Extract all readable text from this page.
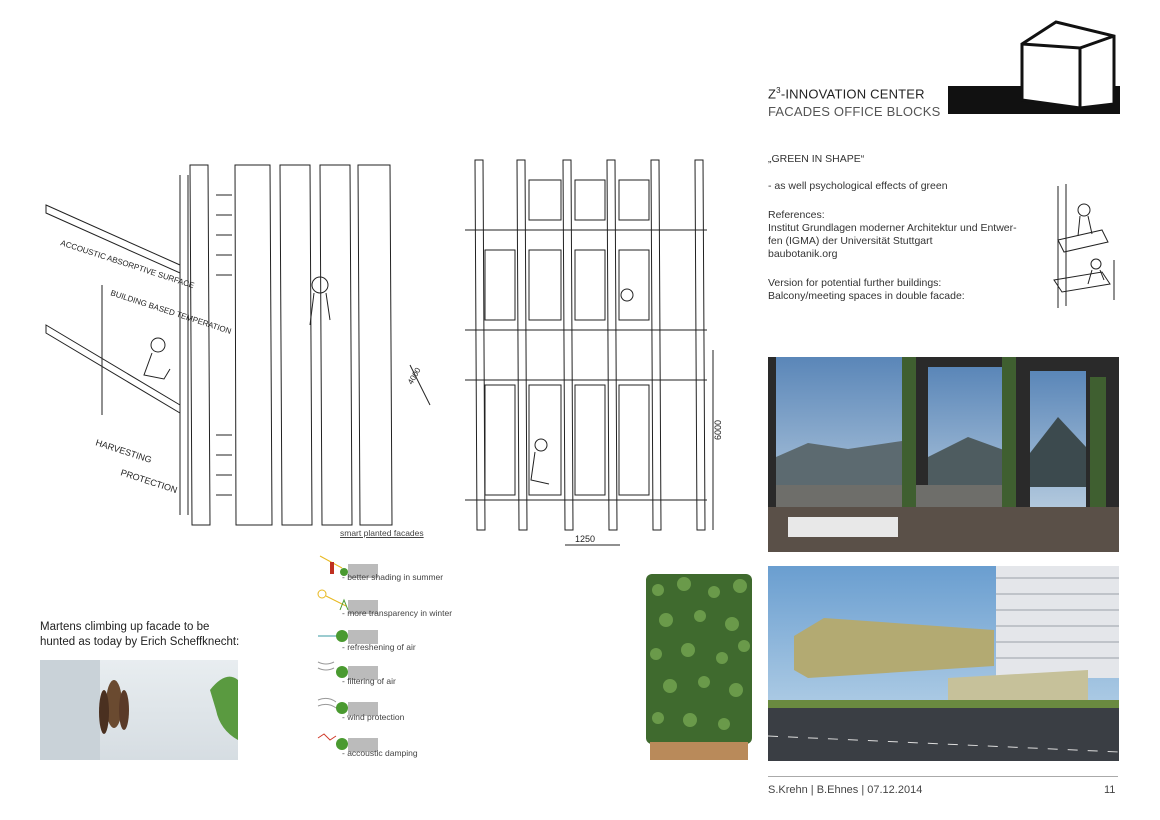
$Z^3$-INNOVATION CENTER
FACADES OFFICE BLOCKS
„GREEN IN SHAPE“
- as well psychological effects of green
References:
Institut Grundlagen moderner Architektur und Entwer-
fen (IGMA) der Universität Stuttgart
baubotanik.org
Version for potential further buildings:
Balcony/meeting spaces in double facade:
ACCOUSTIC ABSORPTIVE SURFACE
BUILDING BASED TEMPERATION
HARVESTING
PROTECTION
4000
6000
1250
smart planted facades
- better shading in summer
- more transparency in winter
- refreshening of air
- filtering of air
- wind protection
- accoustic damping
Martens climbing up facade to be
hunted as today by Erich Scheffknecht:
S.Krehn | B.Ehnes | 07.12.2014	11
